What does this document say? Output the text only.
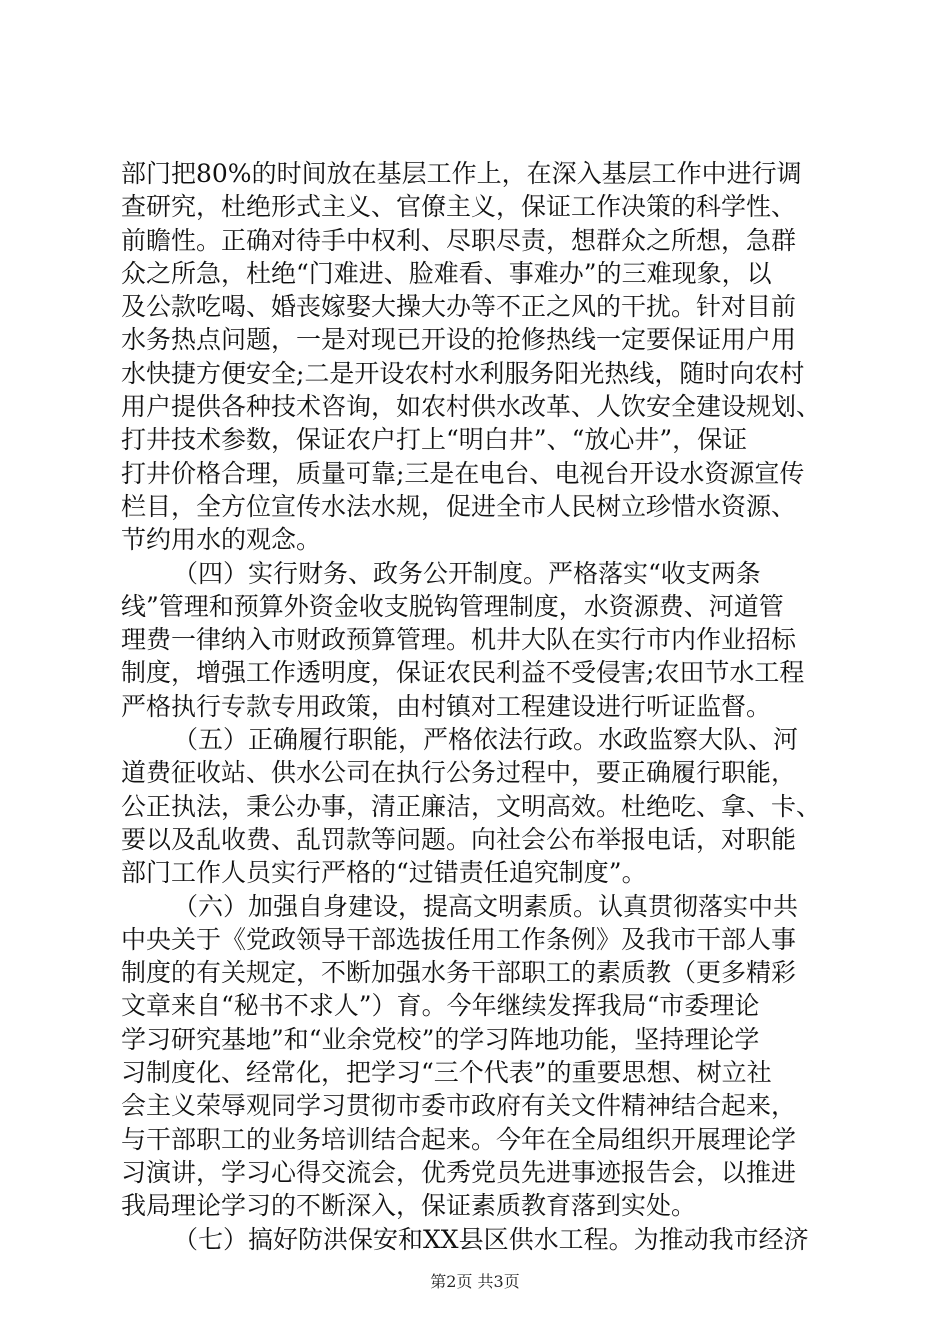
部门把80%的时间放在基层工作上，在深入基层工作中进行调
查研究，杜绝形式主义、官僚主义，保证工作决策的科学性、
前瞻性。正确对待手中权利、尽职尽责，想群众之所想，急群
众之所急，杜绝“门难进、脸难看、事难办”的三难现象，以
及公款吃喝、婚丧嫁娶大操大办等不正之风的干扰。针对目前
水务热点问题，一是对现已开设的抢修热线一定要保证用户用
水快捷方便安全;二是开设农村水利服务阳光热线，随时向农村
用户提供各种技术咨询，如农村供水改革、人饮安全建设规划、
打井技术参数，保证农户打上“明白井”、“放心井”，保证
打井价格合理，质量可靠;三是在电台、电视台开设水资源宣传
栏目，全方位宣传水法水规，促进全市人民树立珍惜水资源、
节约用水的观念。
（四）实行财务、政务公开制度。严格落实“收支两条
线”管理和预算外资金收支脱钩管理制度，水资源费、河道管
理费一律纳入市财政预算管理。机井大队在实行市内作业招标
制度，增强工作透明度，保证农民利益不受侵害;农田节水工程
严格执行专款专用政策，由村镇对工程建设进行听证监督。
（五）正确履行职能，严格依法行政。水政监察大队、河
道费征收站、供水公司在执行公务过程中，要正确履行职能，
公正执法，秉公办事，清正廉洁，文明高效。杜绝吃、拿、卡、
要以及乱收费、乱罚款等问题。向社会公布举报电话，对职能
部门工作人员实行严格的“过错责任追究制度”。
（六）加强自身建设，提高文明素质。认真贯彻落实中共
中央关于《党政领导干部选拔任用工作条例》及我市干部人事
制度的有关规定，不断加强水务干部职工的素质教（更多精彩
文章来自“秘书不求人”）育。今年继续发挥我局“市委理论
学习研究基地”和“业余党校”的学习阵地功能，坚持理论学
习制度化、经常化，把学习“三个代表”的重要思想、树立社
会主义荣辱观同学习贯彻市委市政府有关文件精神结合起来，
与干部职工的业务培训结合起来。今年在全局组织开展理论学
习演讲，学习心得交流会，优秀党员先进事迹报告会，以推进
我局理论学习的不断深入，保证素质教育落到实处。
（七）搞好防洪保安和XX县区供水工程。为推动我市经济
第2页 共3页
